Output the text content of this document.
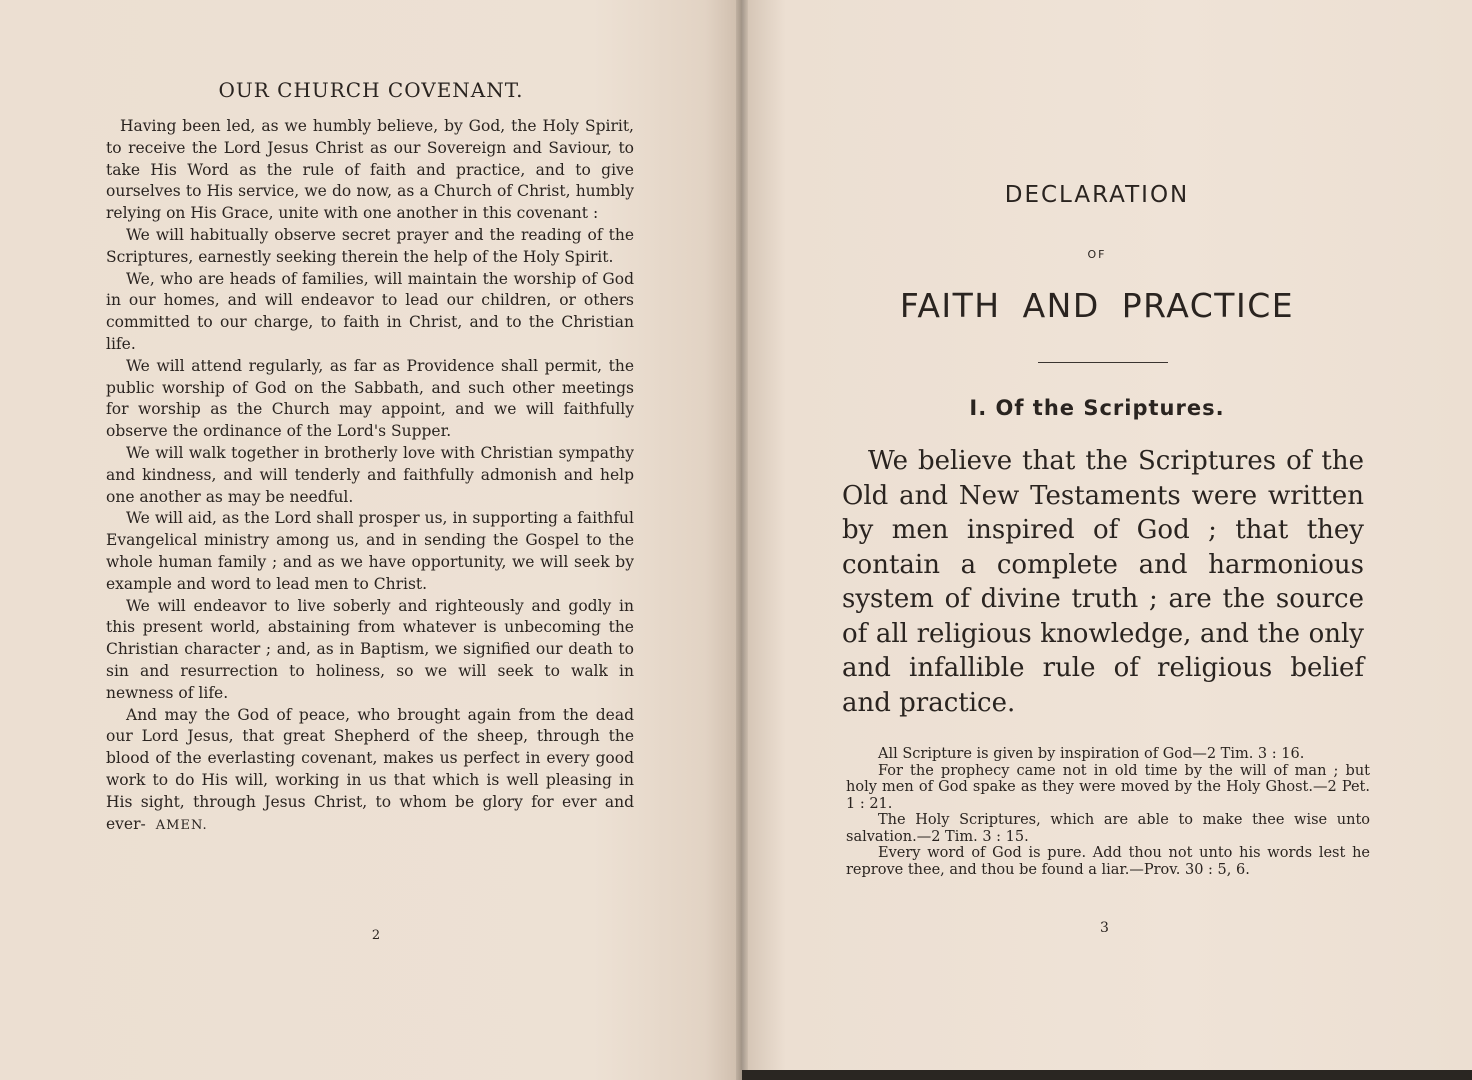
OUR CHURCH COVENANT.

Having been led, as we humbly believe, by God, the Holy Spirit, to receive the Lord Jesus Christ as our Sovereign and Saviour, to take His Word as the rule of faith and practice, and to give ourselves to His service, we do now, as a Church of Christ, humbly relying on His Grace, unite with one another in this covenant :

We will habitually observe secret prayer and the reading of the Scriptures, earnestly seeking therein the help of the Holy Spirit.

We, who are heads of families, will maintain the worship of God in our homes, and will endeavor to lead our children, or others committed to our charge, to faith in Christ, and to the Christian life.

We will attend regularly, as far as Providence shall permit, the public worship of God on the Sabbath, and such other meetings for worship as the Church may appoint, and we will faithfully observe the ordinance of the Lord's Supper.

We will walk together in brotherly love with Christian sympathy and kindness, and will tenderly and faithfully admonish and help one another as may be needful.

We will aid, as the Lord shall prosper us, in supporting a faithful Evangelical ministry among us, and in sending the Gospel to the whole human family ; and as we have opportunity, we will seek by example and word to lead men to Christ.

We will endeavor to live soberly and righteously and godly in this present world, abstaining from whatever is unbecoming the Christian character ; and, as in Baptism, we signified our death to sin and resurrection to holiness, so we will seek to walk in newness of life.

And may the God of peace, who brought again from the dead our Lord Jesus, that great Shepherd of the sheep, through the blood of the everlasting covenant, makes us perfect in every good work to do His will, working in us that which is well pleasing in His sight, through Jesus Christ, to whom be glory for ever and ever- AMEN.

2
DECLARATION
OF
FAITH AND PRACTICE
I. Of the Scriptures.

We believe that the Scriptures of the Old and New Testaments were written by men inspired of God ; that they contain a complete and harmonious system of divine truth ; are the source of all religious knowledge, and the only and infallible rule of religious belief and practice.

All Scripture is given by inspiration of God—2 Tim. 3 : 16.

For the prophecy came not in old time by the will of man ; but holy men of God spake as they were moved by the Holy Ghost.—2 Pet. 1 : 21.

The Holy Scriptures, which are able to make thee wise unto salvation.—2 Tim. 3 : 15.

Every word of God is pure. Add thou not unto his words lest he reprove thee, and thou be found a liar.—Prov. 30 : 5, 6.

3
